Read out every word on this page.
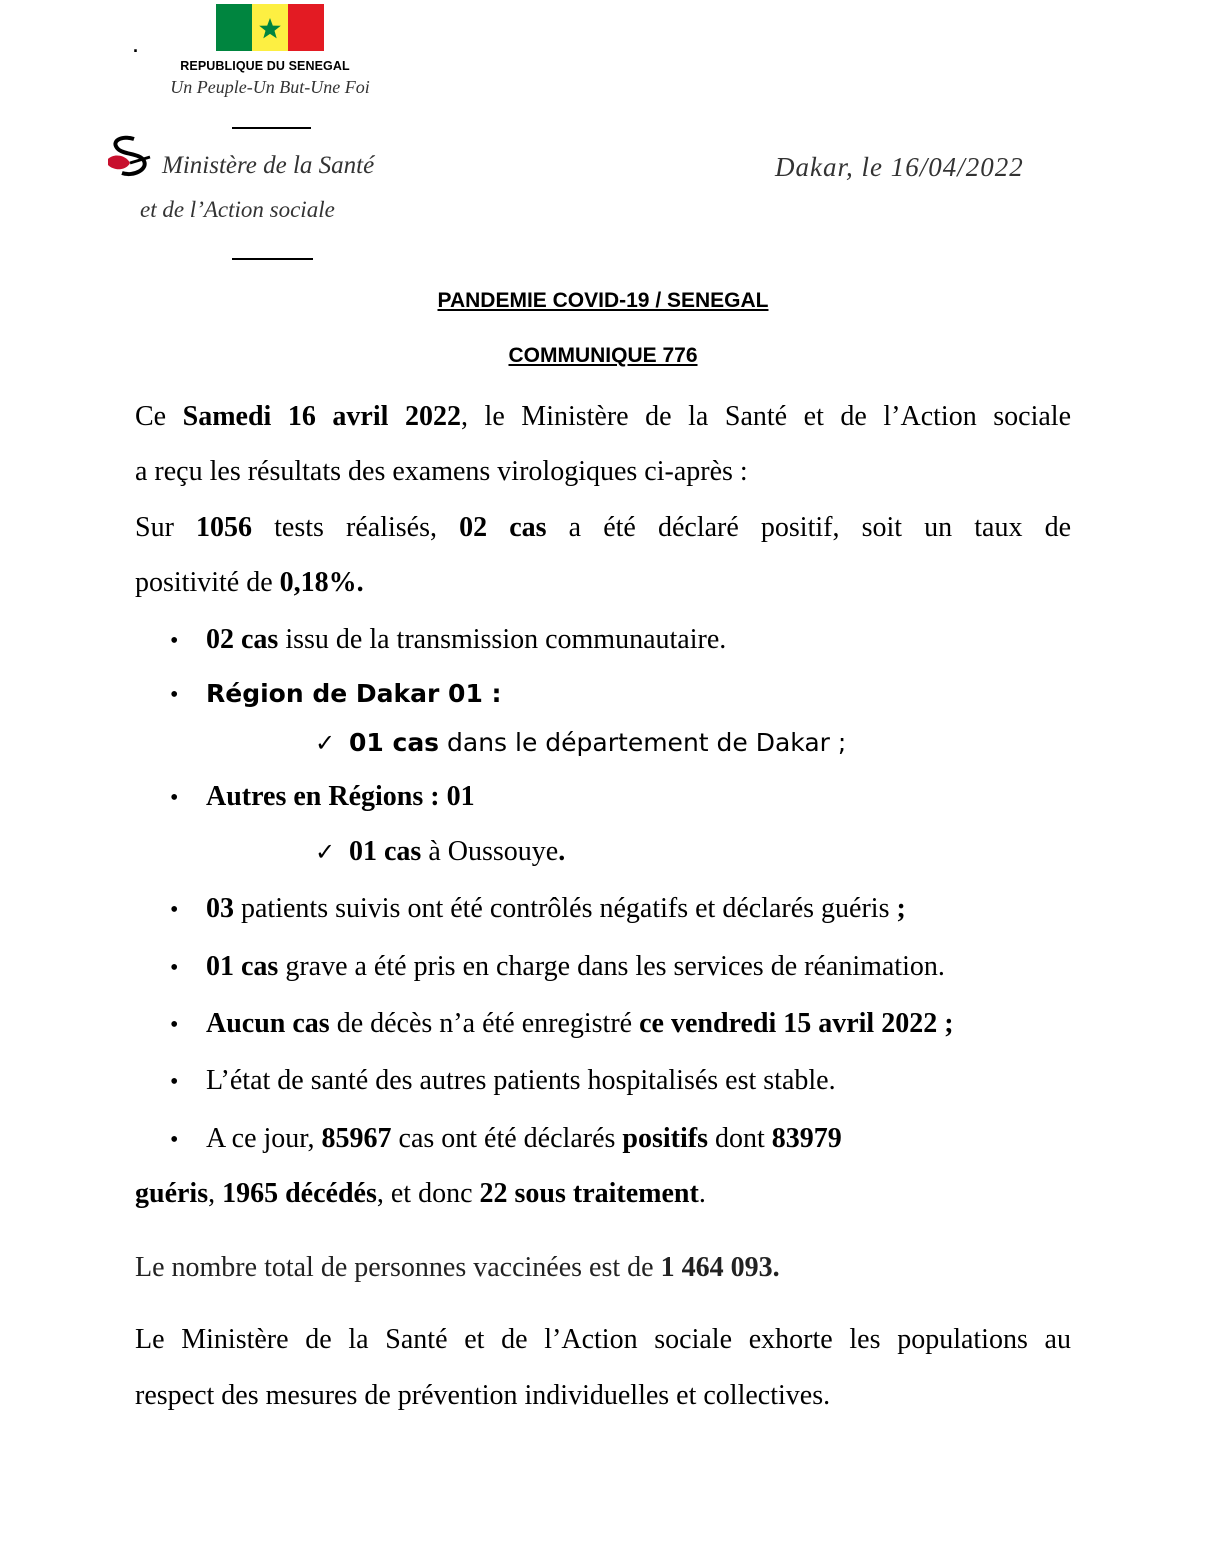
.
REPUBLIQUE DU SENEGAL
Un Peuple-Un But-Une Foi
Ministère de la Santé
et de l’Action sociale
Dakar, le 16/04/2022
PANDEMIE COVID-19 / SENEGAL
COMMUNIQUE 776
Ce Samedi 16 avril 2022, le Ministère de la Santé et de l’Action sociale
a reçu les résultats des examens virologiques ci-après :
Sur 1056 tests réalisés, 02 cas a été déclaré positif, soit un taux de
positivité de 0,18%.
• 02 cas issu de la transmission communautaire.
• Région de Dakar 01 :
✓ 01 cas dans le département de Dakar ;
• Autres en Régions : 01
✓ 01 cas à Oussouye.
• 03 patients suivis ont été contrôlés négatifs et déclarés guéris ;
• 01 cas grave a été pris en charge dans les services de réanimation.
• Aucun cas de décès n’a été enregistré ce vendredi 15 avril 2022 ;
• L’état de santé des autres patients hospitalisés est stable.
• A ce jour, 85967 cas ont été déclarés positifs dont 83979
guéris, 1965 décédés, et donc 22 sous traitement.
Le nombre total de personnes vaccinées est de 1 464 093.
Le Ministère de la Santé et de l’Action sociale exhorte les populations au
respect des mesures de prévention individuelles et collectives.
